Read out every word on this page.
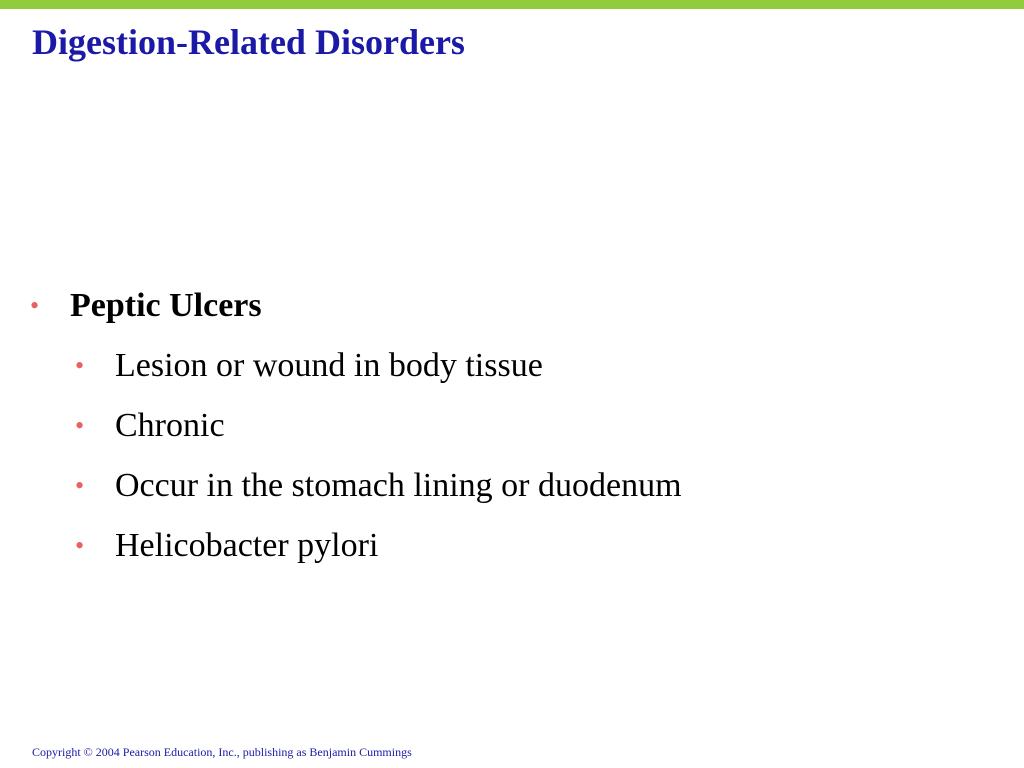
Digestion-Related Disorders
• Peptic Ulcers
• Lesion or wound in body tissue
• Chronic
• Occur in the stomach lining or duodenum
• Helicobacter pylori
Copyright © 2004 Pearson Education, Inc., publishing as Benjamin Cummings
